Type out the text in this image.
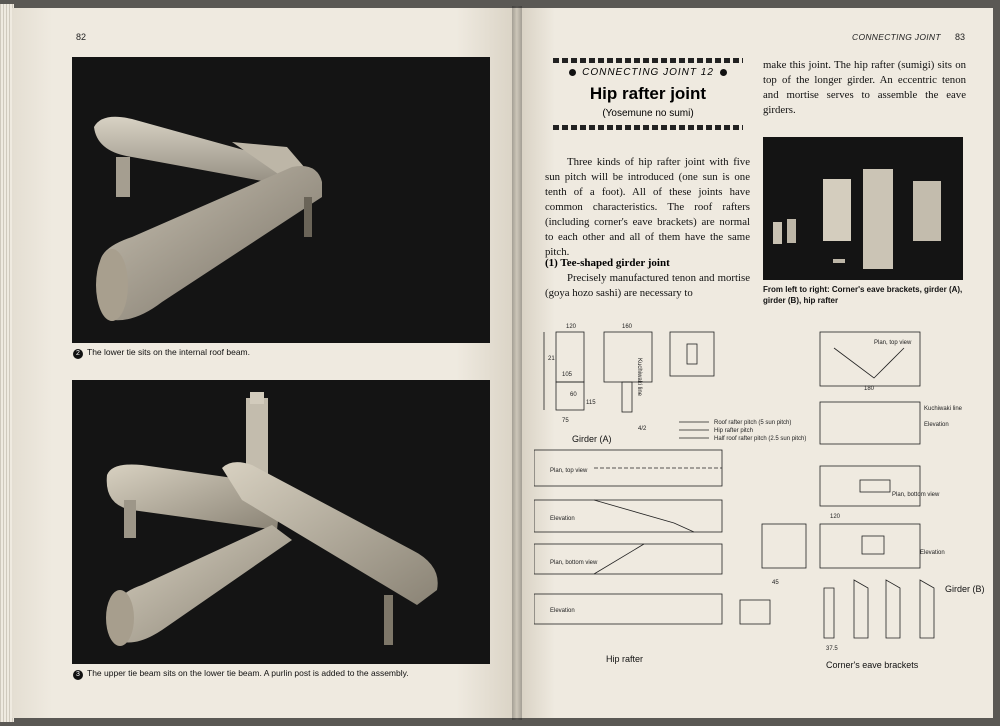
82
2 The lower tie sits on the internal roof beam.
3 The upper tie beam sits on the lower tie beam. A purlin post is added to the assembly.
CONNECTING JOINT 83
CONNECTING JOINT 12
Hip rafter joint
(Yosemune no sumi)
make this joint. The hip rafter (sumigi) sits on top of the longer girder. An eccentric tenon and mortise serves to assemble the eave girders.
Three kinds of hip rafter joint with five sun pitch will be introduced (one sun is one tenth of a foot). All of these joints have common characteristics. The roof rafters (including corner's eave brackets) are normal to each other and all of them have the same pitch.
(1) Tee-shaped girder joint
Precisely manufactured tenon and mortise (goya hozo sashi) are necessary to	From left to right: Corner's eave brackets, girder (A), girder (B), hip rafter
120	160
21
105
75
60
115
4/2
180
120
45
37.5
Roof rafter pitch (5 sun pitch)
Hip rafter pitch
Half roof rafter pitch (2.5 sun pitch)
Plan, top view
Elevation
Plan, bottom view
Elevation
Plan, top view
Kuchiwaki line
Elevation
Plan, bottom view
Elevation
Kuchiwaki line
Girder (A)
Girder (B)
Hip rafter
Corner's eave brackets
